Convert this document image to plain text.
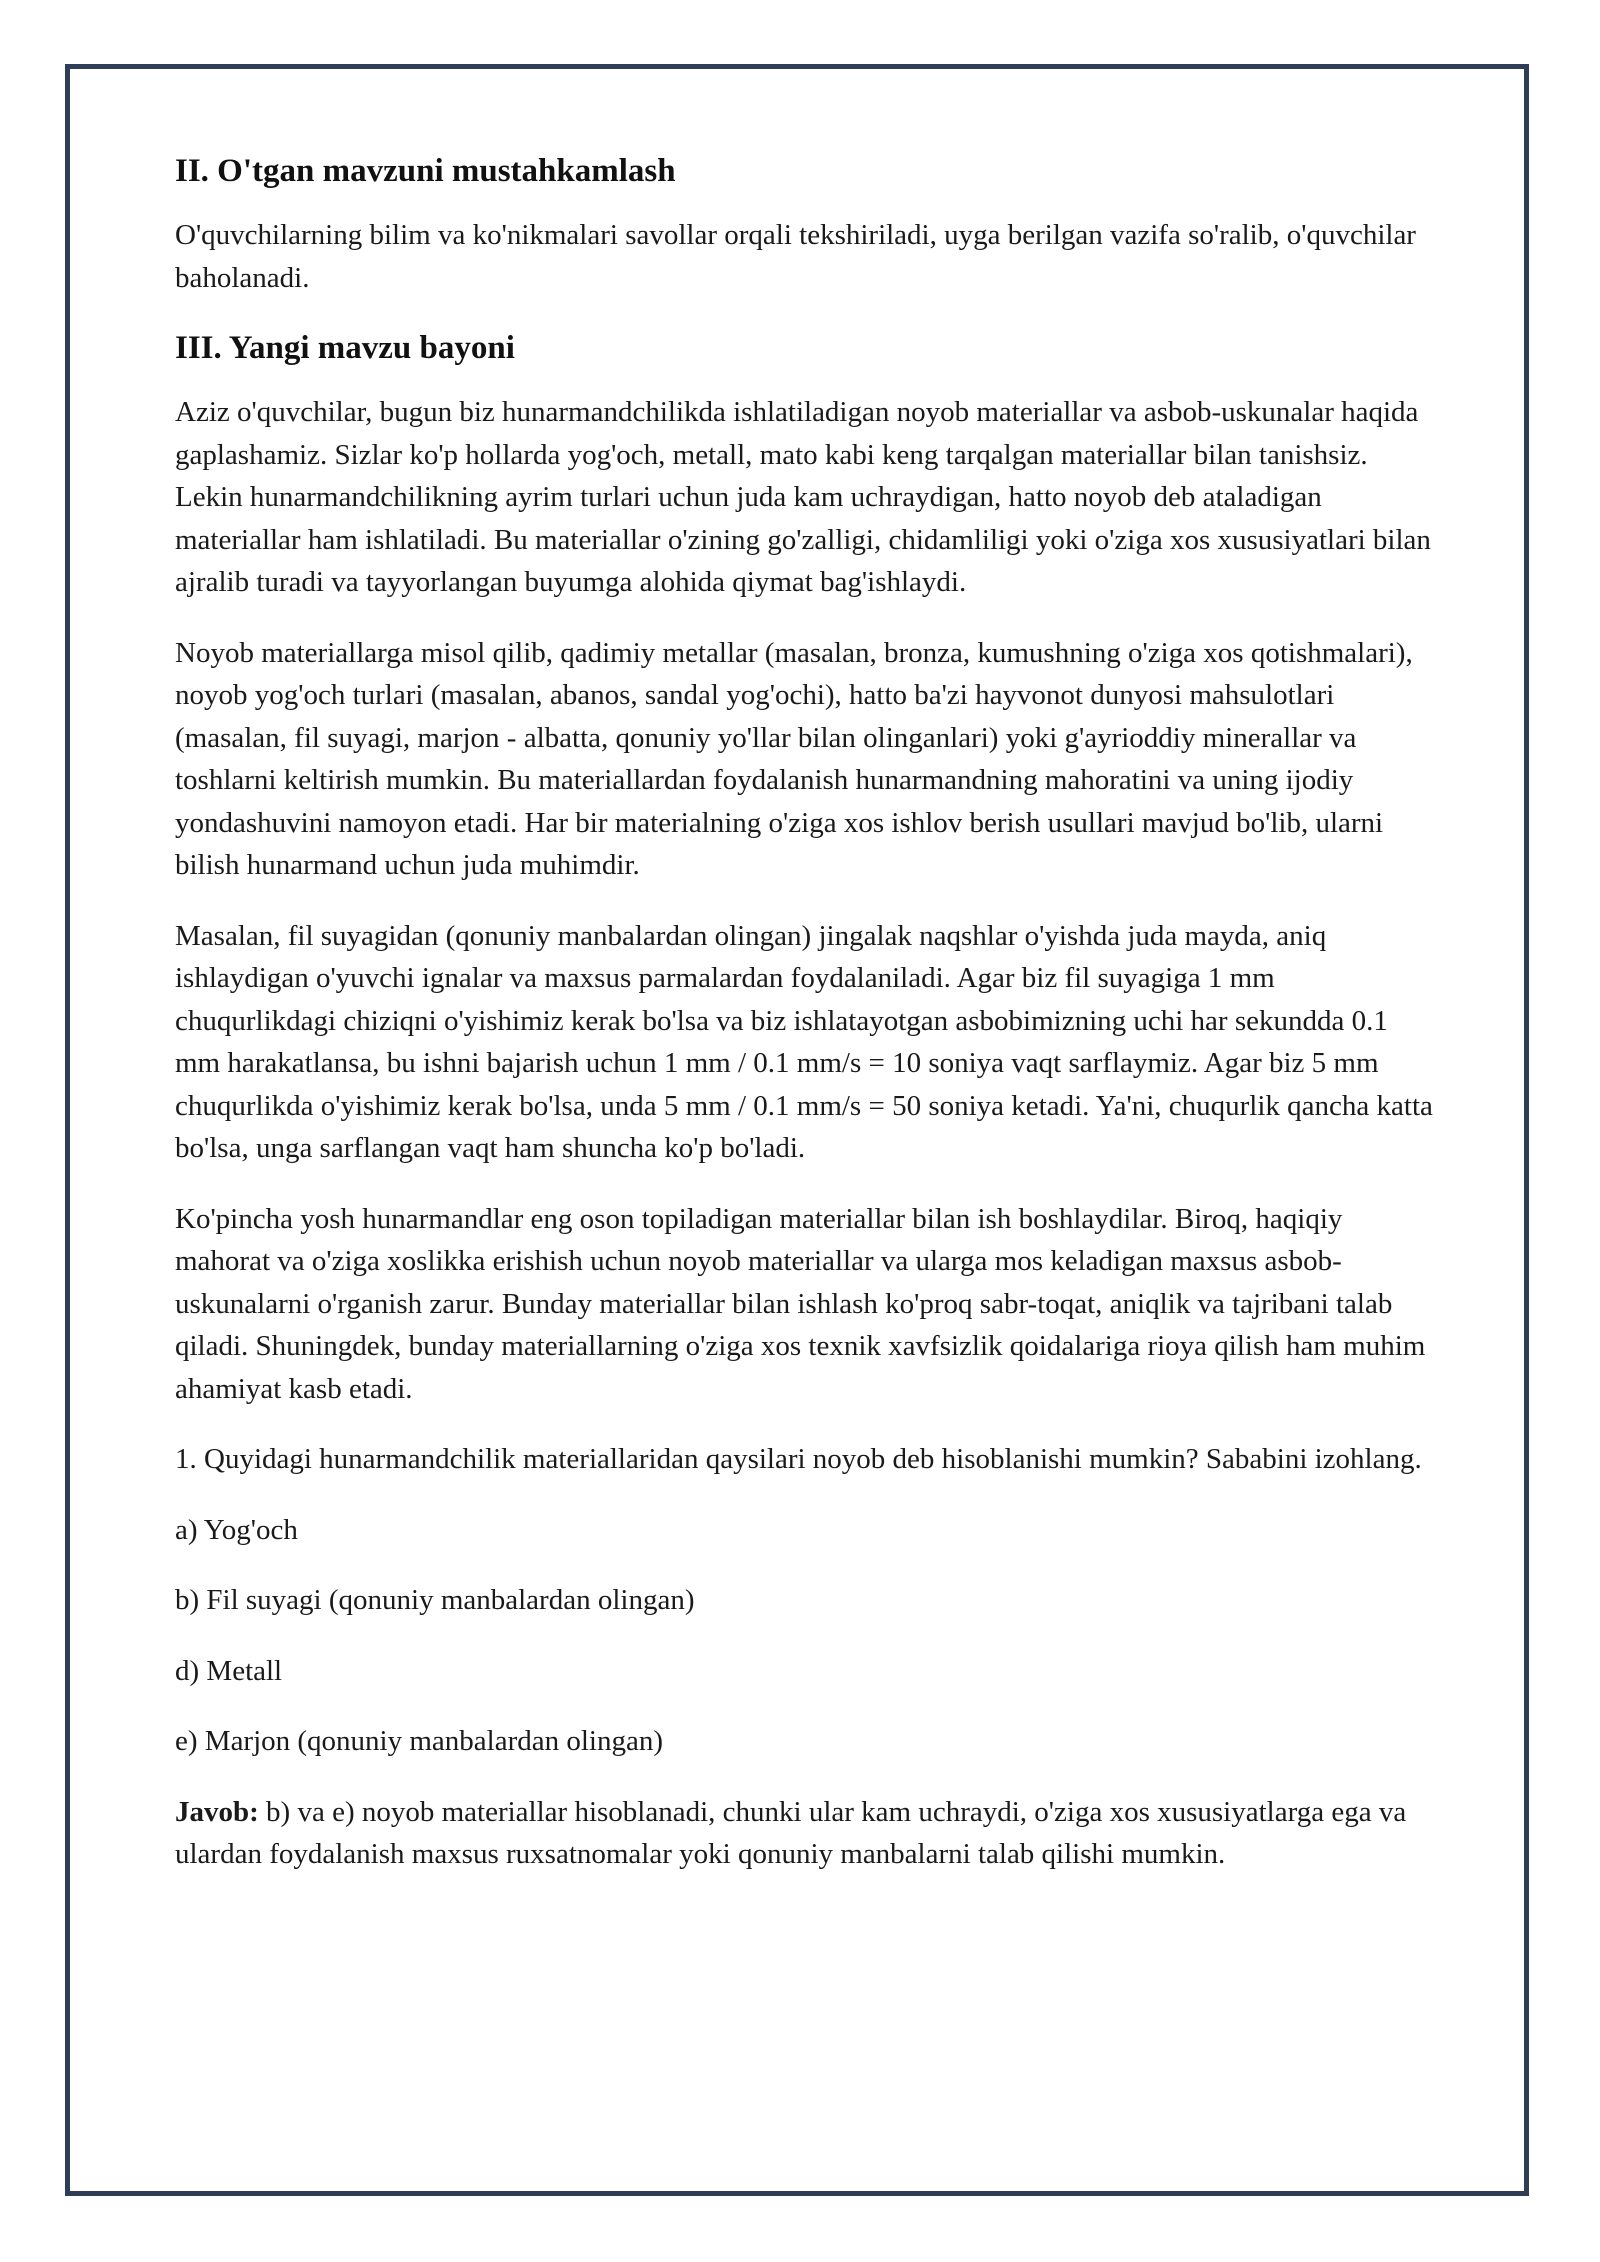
II. O'tgan mavzuni mustahkamlash

O'quvchilarning bilim va ko'nikmalari savollar orqali tekshiriladi, uyga berilgan vazifa so'ralib, o'quvchilar baholanadi.

III. Yangi mavzu bayoni

Aziz o'quvchilar, bugun biz hunarmandchilikda ishlatiladigan noyob materiallar va asbob-uskunalar haqida gaplashamiz. Sizlar ko'p hollarda yog'och, metall, mato kabi keng tarqalgan materiallar bilan tanishsiz. Lekin hunarmandchilikning ayrim turlari uchun juda kam uchraydigan, hatto noyob deb ataladigan materiallar ham ishlatiladi. Bu materiallar o'zining go'zalligi, chidamliligi yoki o'ziga xos xususiyatlari bilan ajralib turadi va tayyorlangan buyumga alohida qiymat bag'ishlaydi.

Noyob materiallarga misol qilib, qadimiy metallar (masalan, bronza, kumushning o'ziga xos qotishmalari), noyob yog'och turlari (masalan, abanos, sandal yog'ochi), hatto ba'zi hayvonot dunyosi mahsulotlari (masalan, fil suyagi, marjon - albatta, qonuniy yo'llar bilan olinganlari) yoki g'ayrioddiy minerallar va toshlarni keltirish mumkin. Bu materiallardan foydalanish hunarmandning mahoratini va uning ijodiy yondashuvini namoyon etadi. Har bir materialning o'ziga xos ishlov berish usullari mavjud bo'lib, ularni bilish hunarmand uchun juda muhimdir.

Masalan, fil suyagidan (qonuniy manbalardan olingan) jingalak naqshlar o'yishda juda mayda, aniq ishlaydigan o'yuvchi ignalar va maxsus parmalardan foydalaniladi. Agar biz fil suyagiga 1 mm chuqurlikdagi chiziqni o'yishimiz kerak bo'lsa va biz ishlatayotgan asbobimizning uchi har sekundda 0.1 mm harakatlansa, bu ishni bajarish uchun 1 mm / 0.1 mm/s = 10 soniya vaqt sarflaymiz. Agar biz 5 mm chuqurlikda o'yishimiz kerak bo'lsa, unda 5 mm / 0.1 mm/s = 50 soniya ketadi. Ya'ni, chuqurlik qancha katta bo'lsa, unga sarflangan vaqt ham shuncha ko'p bo'ladi.

Ko'pincha yosh hunarmandlar eng oson topiladigan materiallar bilan ish boshlaydilar. Biroq, haqiqiy mahorat va o'ziga xoslikka erishish uchun noyob materiallar va ularga mos keladigan maxsus asbob-uskunalarni o'rganish zarur. Bunday materiallar bilan ishlash ko'proq sabr-toqat, aniqlik va tajribani talab qiladi. Shuningdek, bunday materiallarning o'ziga xos texnik xavfsizlik qoidalariga rioya qilish ham muhim ahamiyat kasb etadi.

1. Quyidagi hunarmandchilik materiallaridan qaysilari noyob deb hisoblanishi mumkin? Sababini izohlang.

a) Yog'och

b) Fil suyagi (qonuniy manbalardan olingan)

d) Metall

e) Marjon (qonuniy manbalardan olingan)

Javob: b) va e) noyob materiallar hisoblanadi, chunki ular kam uchraydi, o'ziga xos xususiyatlarga ega va ulardan foydalanish maxsus ruxsatnomalar yoki qonuniy manbalarni talab qilishi mumkin.
